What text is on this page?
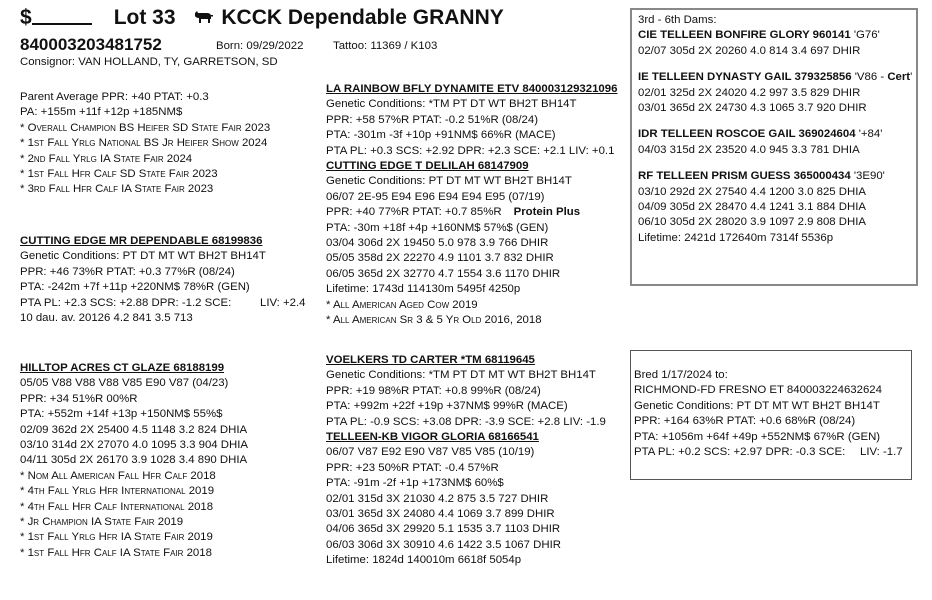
$	Lot 33 KCCK Dependable GRANNY
840003203481752	Born: 09/29/2022	Tattoo: 11369 / K103
Consignor: VAN HOLLAND, TY, GARRETSON, SD
Parent Average PPR: +40 PTAT: +0.3
PA: +155m +11f +12p +185NM$
* Overall Champion BS Heifer SD State Fair 2023
* 1st Fall Yrlg National BS Jr Heifer Show 2024
* 2nd Fall Yrlg IA State Fair 2024
* 1st Fall Hfr Calf SD State Fair 2023
* 3rd Fall Hfr Calf IA State Fair 2023
CUTTING EDGE MR DEPENDABLE 68199836
Genetic Conditions: PT DT MT WT BH2T BH14T
PPR: +46 73%R PTAT: +0.3 77%R (08/24)
PTA: -242m +7f +11p +220NM$ 78%R (GEN)
PTA PL: +2.3 SCS: +2.88 DPR: -1.2 SCE:	LIV: +2.4
10 dau. av. 20126 4.2 841 3.5 713
HILLTOP ACRES CT GLAZE 68188199
05/05 V88 V88 V88 V85 E90 V87 (04/23)
PPR: +34 51%R 00%R
PTA: +552m +14f +13p +150NM$ 55%$
02/09 362d 2X 25400 4.5 1148 3.2 824 DHIA
03/10 314d 2X 27070 4.0 1095 3.3 904 DHIA
04/11 305d 2X 26170 3.9 1028 3.4 890 DHIA
* Nom All American Fall Hfr Calf 2018
* 4th Fall Yrlg Hfr International 2019
* 4th Fall Hfr Calf International 2018
* Jr Champion IA State Fair 2019
* 1st Fall Yrlg Hfr IA State Fair 2019
* 1st Fall Hfr Calf IA State Fair 2018
LA RAINBOW BFLY DYNAMITE ETV 840003129321096
Genetic Conditions: *TM PT DT WT BH2T BH14T
PPR: +58 57%R PTAT: -0.2 51%R (08/24)
PTA: -301m -3f +10p +91NM$ 66%R (MACE)
PTA PL: +0.3 SCS: +2.92 DPR: +2.3 SCE: +2.1 LIV: +0.1
CUTTING EDGE T DELILAH 68147909
Genetic Conditions: PT DT MT WT BH2T BH14T
06/07 2E-95 E94 E96 E94 E94 E95 (07/19)
PPR: +40 77%R PTAT: +0.7 85%R Protein Plus
PTA: -30m +18f +4p +160NM$ 57%$ (GEN)
03/04 306d 2X 19450 5.0 978 3.9 766 DHIR
05/05 358d 2X 22270 4.9 1101 3.7 832 DHIR
06/05 365d 2X 32770 4.7 1554 3.6 1170 DHIR
Lifetime: 1743d 114130m 5495f 4250p
* All American Aged Cow 2019
* All American Sr 3 & 5 Yr Old 2016, 2018
VOELKERS TD CARTER *TM 68119645
Genetic Conditions: *TM PT DT MT WT BH2T BH14T
PPR: +19 98%R PTAT: +0.8 99%R (08/24)
PTA: +992m +22f +19p +37NM$ 99%R (MACE)
PTA PL: -0.9 SCS: +3.08 DPR: -3.9 SCE: +2.8 LIV: -1.9
TELLEEN-KB VIGOR GLORIA 68166541
06/07 V87 E92 E90 V87 V85 V85 (10/19)
PPR: +23 50%R PTAT: -0.4 57%R
PTA: -91m -2f +1p +173NM$ 60%$
02/01 315d 3X 21030 4.2 875 3.5 727 DHIR
03/01 365d 3X 24080 4.4 1069 3.7 899 DHIR
04/06 365d 3X 29920 5.1 1535 3.7 1103 DHIR
06/03 306d 3X 30910 4.6 1422 3.5 1067 DHIR
Lifetime: 1824d 140010m 6618f 5054p
3rd - 6th Dams:
CIE TELLEEN BONFIRE GLORY 960141 'G76'
02/07 305d 2X 20260 4.0 814 3.4 697 DHIR
IE TELLEEN DYNASTY GAIL 379325856 'V86 - Cert'
02/01 325d 2X 24020 4.2 997 3.5 829 DHIR
03/01 365d 2X 24730 4.3 1065 3.7 920 DHIR
IDR TELLEEN ROSCOE GAIL 369024604 '+84'
04/03 315d 2X 23520 4.0 945 3.3 781 DHIA
RF TELLEEN PRISM GUESS 365000434 '3E90'
03/10 292d 2X 27540 4.4 1200 3.0 825 DHIA
04/09 305d 2X 28470 4.4 1241 3.1 884 DHIA
06/10 305d 2X 28020 3.9 1097 2.9 808 DHIA
Lifetime: 2421d 172640m 7314f 5536p
Bred 1/17/2024 to:
RICHMOND-FD FRESNO ET 840003224632624
Genetic Conditions: PT DT MT WT BH2T BH14T
PPR: +164 63%R PTAT: +0.6 68%R (08/24)
PTA: +1056m +64f +49p +552NM$ 67%R (GEN)
PTA PL: +0.2 SCS: +2.97 DPR: -0.3 SCE: LIV: -1.7
